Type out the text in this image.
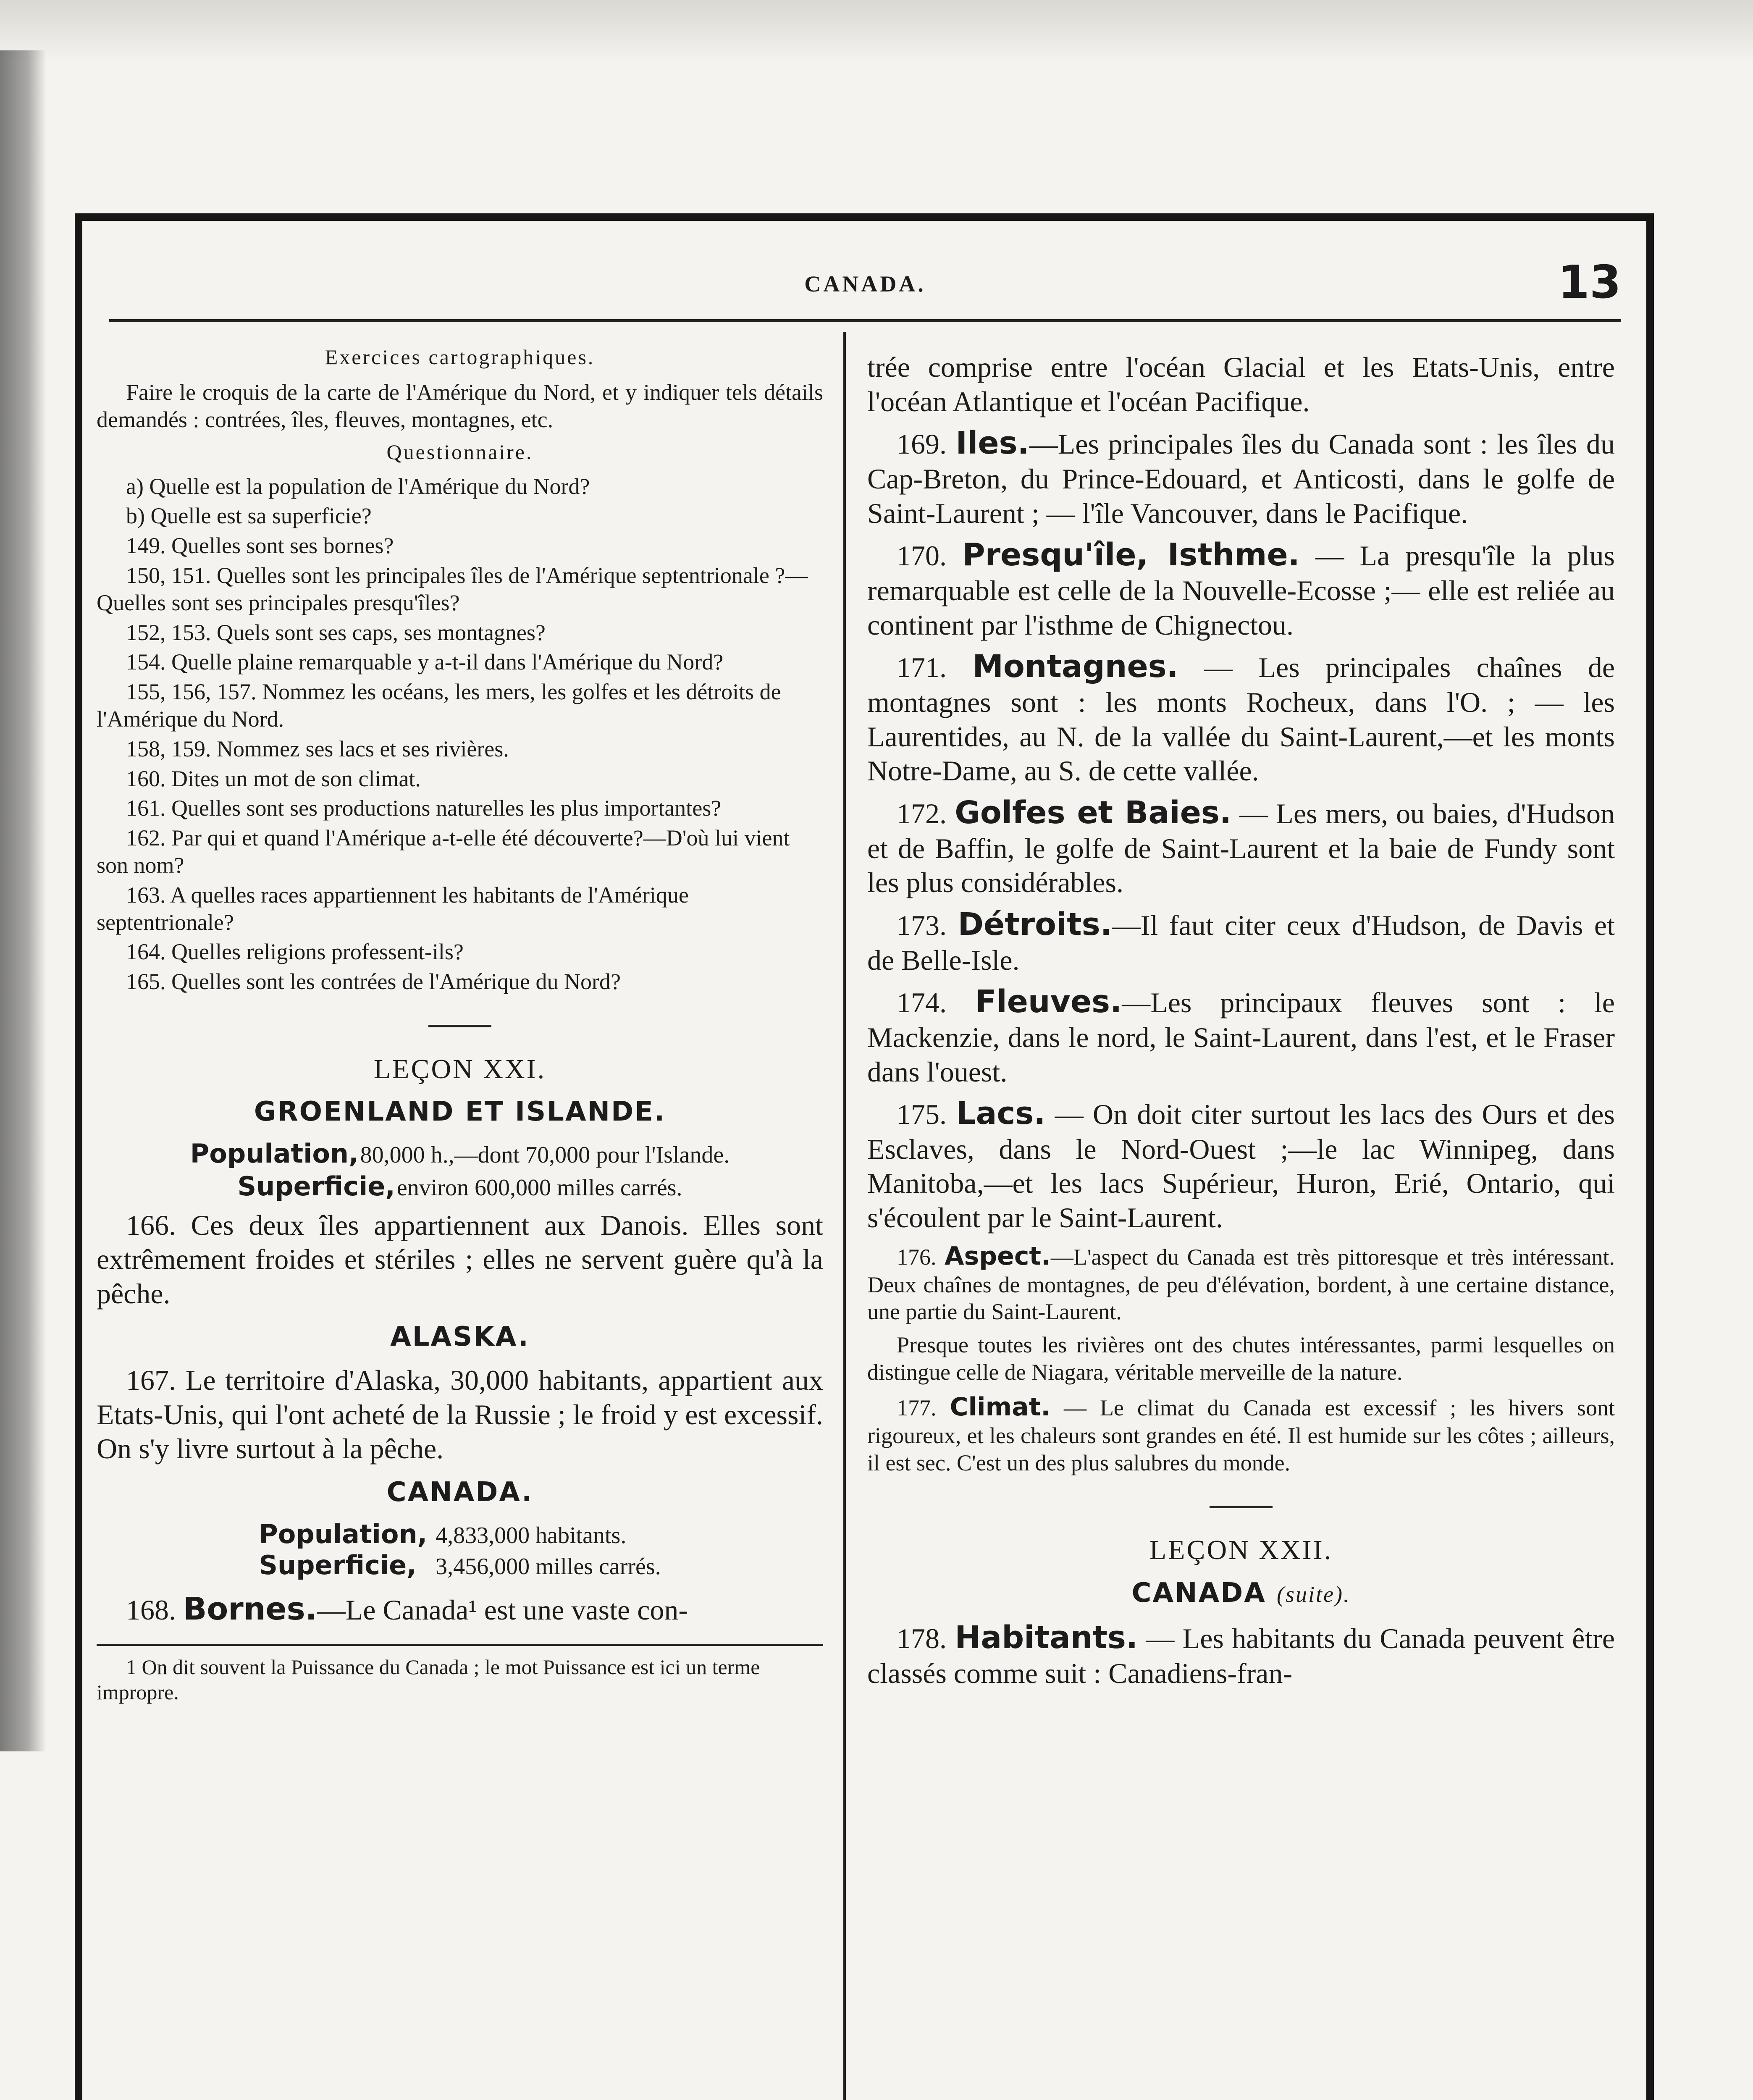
CANADA.	13

Exercices cartographiques.

Faire le croquis de la carte de l'Amérique du Nord, et y indiquer tels détails demandés : contrées, îles, fleuves, montagnes, etc.

Questionnaire.

a) Quelle est la population de l'Amérique du Nord?

b) Quelle est sa superficie?

149. Quelles sont ses bornes?

150, 151. Quelles sont les principales îles de l'Amérique septentrionale ?—Quelles sont ses principales presqu'îles?

152, 153. Quels sont ses caps, ses montagnes?

154. Quelle plaine remarquable y a-t-il dans l'Amérique du Nord?

155, 156, 157. Nommez les océans, les mers, les golfes et les détroits de l'Amérique du Nord.

158, 159. Nommez ses lacs et ses rivières.

160. Dites un mot de son climat.

161. Quelles sont ses productions naturelles les plus importantes?

162. Par qui et quand l'Amérique a-t-elle été découverte?—D'où lui vient son nom?

163. A quelles races appartiennent les habitants de l'Amérique septentrionale?

164. Quelles religions professent-ils?

165. Quelles sont les contrées de l'Amérique du Nord?

LEÇON XXI.

GROENLAND ET ISLANDE.

Population, 80,000 h.,—dont 70,000 pour l'Islande.
Superficie, environ 600,000 milles carrés.

166. Ces deux îles appartiennent aux Danois. Elles sont extrêmement froides et stériles ; elles ne servent guère qu'à la pêche.

ALASKA.

167. Le territoire d'Alaska, 30,000 habitants, appartient aux Etats-Unis, qui l'ont acheté de la Russie ; le froid y est excessif. On s'y livre surtout à la pêche.

CANADA.

Population, 4,833,000 habitants.
Superficie, 3,456,000 milles carrés.

168. Bornes.—Le Canada¹ est une vaste con-

1 On dit souvent la Puissance du Canada ; le mot Puissance est ici un terme impropre.

trée comprise entre l'océan Glacial et les Etats-Unis, entre l'océan Atlantique et l'océan Pacifique.

169. Iles.—Les principales îles du Canada sont : les îles du Cap-Breton, du Prince-Edouard, et Anticosti, dans le golfe de Saint-Laurent ; — l'île Vancouver, dans le Pacifique.

170. Presqu'île, Isthme. — La presqu'île la plus remarquable est celle de la Nouvelle-Ecosse ;— elle est reliée au continent par l'isthme de Chignectou.

171. Montagnes. — Les principales chaînes de montagnes sont : les monts Rocheux, dans l'O. ; — les Laurentides, au N. de la vallée du Saint-Laurent,—et les monts Notre-Dame, au S. de cette vallée.

172. Golfes et Baies. — Les mers, ou baies, d'Hudson et de Baffin, le golfe de Saint-Laurent et la baie de Fundy sont les plus considérables.

173. Détroits.—Il faut citer ceux d'Hudson, de Davis et de Belle-Isle.

174. Fleuves.—Les principaux fleuves sont : le Mackenzie, dans le nord, le Saint-Laurent, dans l'est, et le Fraser dans l'ouest.

175. Lacs. — On doit citer surtout les lacs des Ours et des Esclaves, dans le Nord-Ouest ;—le lac Winnipeg, dans Manitoba,—et les lacs Supérieur, Huron, Erié, Ontario, qui s'écoulent par le Saint-Laurent.

176. Aspect.—L'aspect du Canada est très pittoresque et très intéressant. Deux chaînes de montagnes, de peu d'élévation, bordent, à une certaine distance, une partie du Saint-Laurent.

Presque toutes les rivières ont des chutes intéressantes, parmi lesquelles on distingue celle de Niagara, véritable merveille de la nature.

177. Climat. — Le climat du Canada est excessif ; les hivers sont rigoureux, et les chaleurs sont grandes en été. Il est humide sur les côtes ; ailleurs, il est sec. C'est un des plus salubres du monde.

LEÇON XXII.

CANADA (suite).

178. Habitants. — Les habitants du Canada peuvent être classés comme suit : Canadiens-fran-
